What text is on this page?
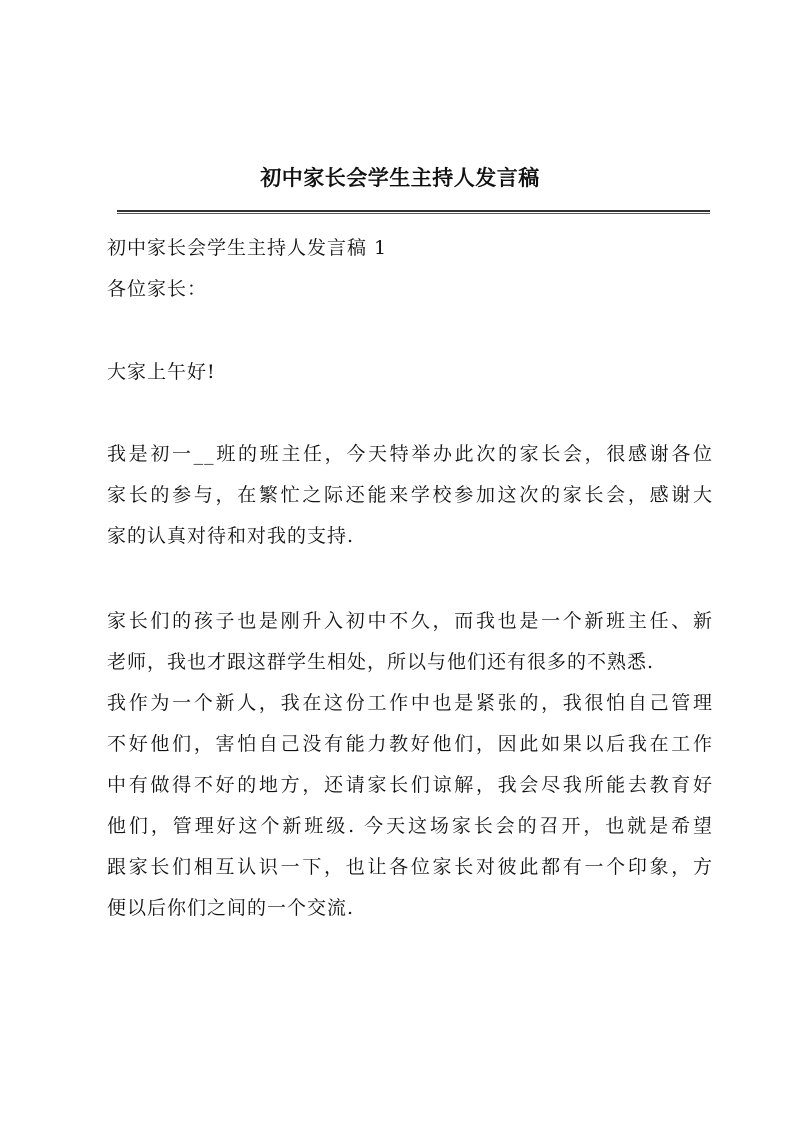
初中家长会学生主持人发言稿

初中家长会学生主持人发言稿 1
各位家长：

大家上午好!

我是初一__班的班主任，今天特举办此次的家长会，很感谢各位
家长的参与，在繁忙之际还能来学校参加这次的家长会，感谢大
家的认真对待和对我的支持.

家长们的孩子也是刚升入初中不久，而我也是一个新班主任、新
老师，我也才跟这群学生相处，所以与他们还有很多的不熟悉.
我作为一个新人，我在这份工作中也是紧张的，我很怕自己管理
不好他们，害怕自己没有能力教好他们，因此如果以后我在工作
中有做得不好的地方，还请家长们谅解，我会尽我所能去教育好
他们，管理好这个新班级. 今天这场家长会的召开，也就是希望
跟家长们相互认识一下，也让各位家长对彼此都有一个印象，方
便以后你们之间的一个交流.
